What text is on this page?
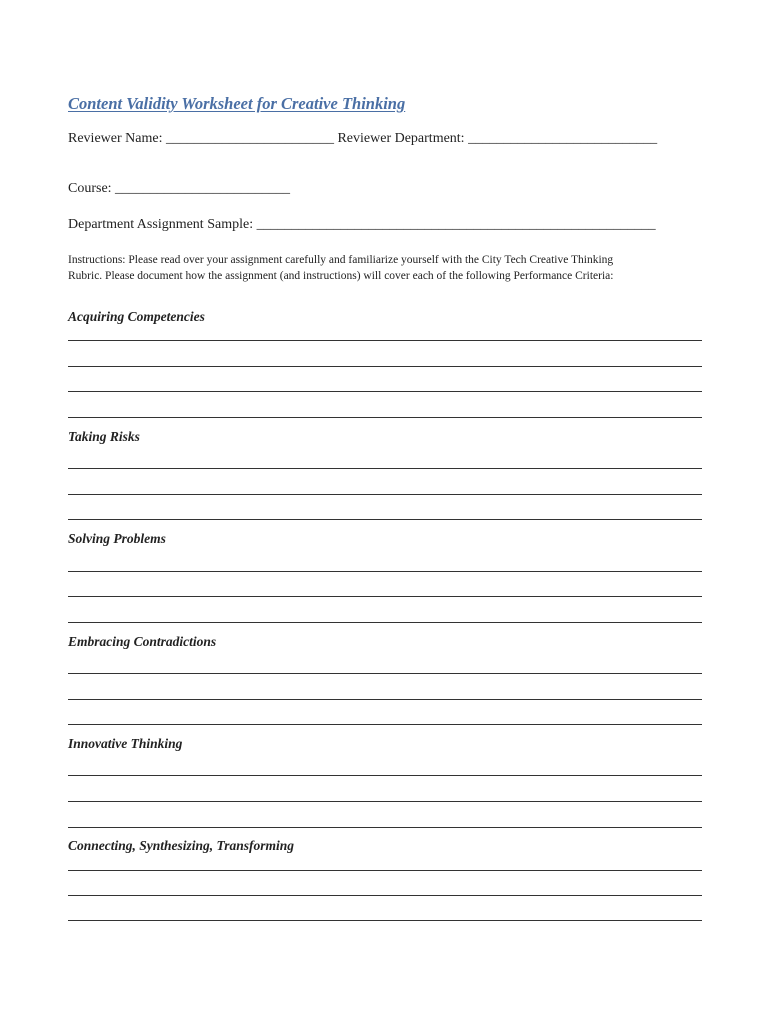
Content Validity Worksheet for Creative Thinking
Reviewer Name: ________________________ Reviewer Department: ___________________________
Course: _________________________
Department Assignment Sample: _________________________________________________________

Instructions: Please read over your assignment carefully and familiarize yourself with the City Tech Creative Thinking

Rubric. Please document how the assignment (and instructions) will cover each of the following Performance Criteria:

Acquiring Competencies
Taking Risks
Solving Problems
Embracing Contradictions
Innovative Thinking
Connecting, Synthesizing, Transforming
